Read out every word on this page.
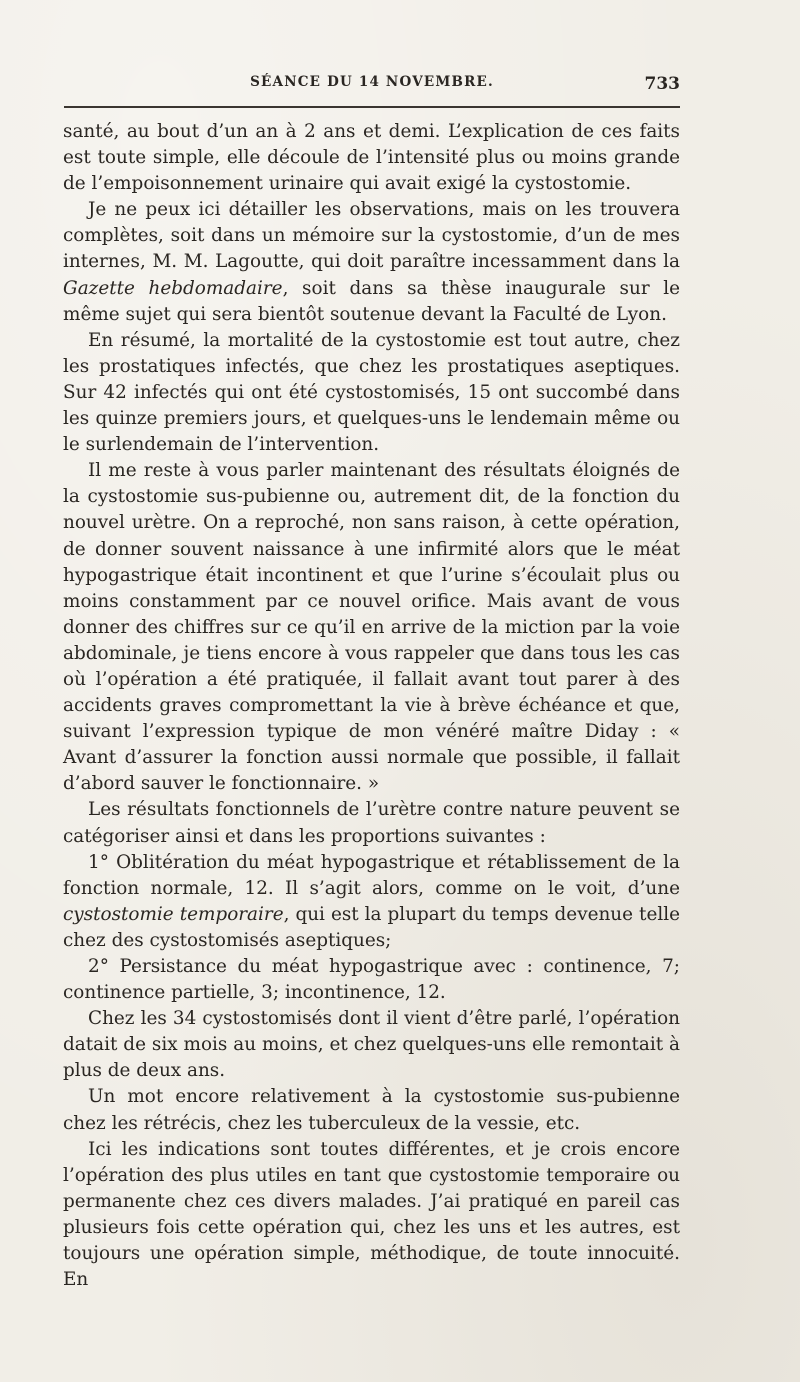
SÉANCE DU 14 NOVEMBRE.	733

santé, au bout d’un an à 2 ans et demi. L’explication de ces faits est toute simple, elle découle de l’intensité plus ou moins grande de l’empoisonnement urinaire qui avait exigé la cystostomie.

Je ne peux ici détailler les observations, mais on les trouvera complètes, soit dans un mémoire sur la cystostomie, d’un de mes internes, M. M. Lagoutte, qui doit paraître incessamment dans la Gazette hebdomadaire, soit dans sa thèse inaugurale sur le même sujet qui sera bientôt soutenue devant la Faculté de Lyon.

En résumé, la mortalité de la cystostomie est tout autre, chez les prostatiques infectés, que chez les prostatiques aseptiques. Sur 42 infectés qui ont été cystostomisés, 15 ont succombé dans les quinze premiers jours, et quelques-uns le lendemain même ou le surlendemain de l’intervention.

Il me reste à vous parler maintenant des résultats éloignés de la cystostomie sus-pubienne ou, autrement dit, de la fonction du nouvel urètre. On a reproché, non sans raison, à cette opération, de donner souvent naissance à une infirmité alors que le méat hypogastrique était incontinent et que l’urine s’écoulait plus ou moins constamment par ce nouvel orifice. Mais avant de vous donner des chiffres sur ce qu’il en arrive de la miction par la voie abdominale, je tiens encore à vous rappeler que dans tous les cas où l’opération a été pratiquée, il fallait avant tout parer à des accidents graves compromettant la vie à brève échéance et que, suivant l’expression typique de mon vénéré maître Diday : « Avant d’assurer la fonction aussi normale que possible, il fallait d’abord sauver le fonctionnaire. »

Les résultats fonctionnels de l’urètre contre nature peuvent se catégoriser ainsi et dans les proportions suivantes :

1° Oblitération du méat hypogastrique et rétablissement de la fonction normale, 12. Il s’agit alors, comme on le voit, d’une cystostomie temporaire, qui est la plupart du temps devenue telle chez des cystostomisés aseptiques;

2° Persistance du méat hypogastrique avec : continence, 7; continence partielle, 3; incontinence, 12.

Chez les 34 cystostomisés dont il vient d’être parlé, l’opération datait de six mois au moins, et chez quelques-uns elle remontait à plus de deux ans.

Un mot encore relativement à la cystostomie sus-pubienne chez les rétrécis, chez les tuberculeux de la vessie, etc.

Ici les indications sont toutes différentes, et je crois encore l’opération des plus utiles en tant que cystostomie temporaire ou permanente chez ces divers malades. J’ai pratiqué en pareil cas plusieurs fois cette opération qui, chez les uns et les autres, est toujours une opération simple, méthodique, de toute innocuité. En
